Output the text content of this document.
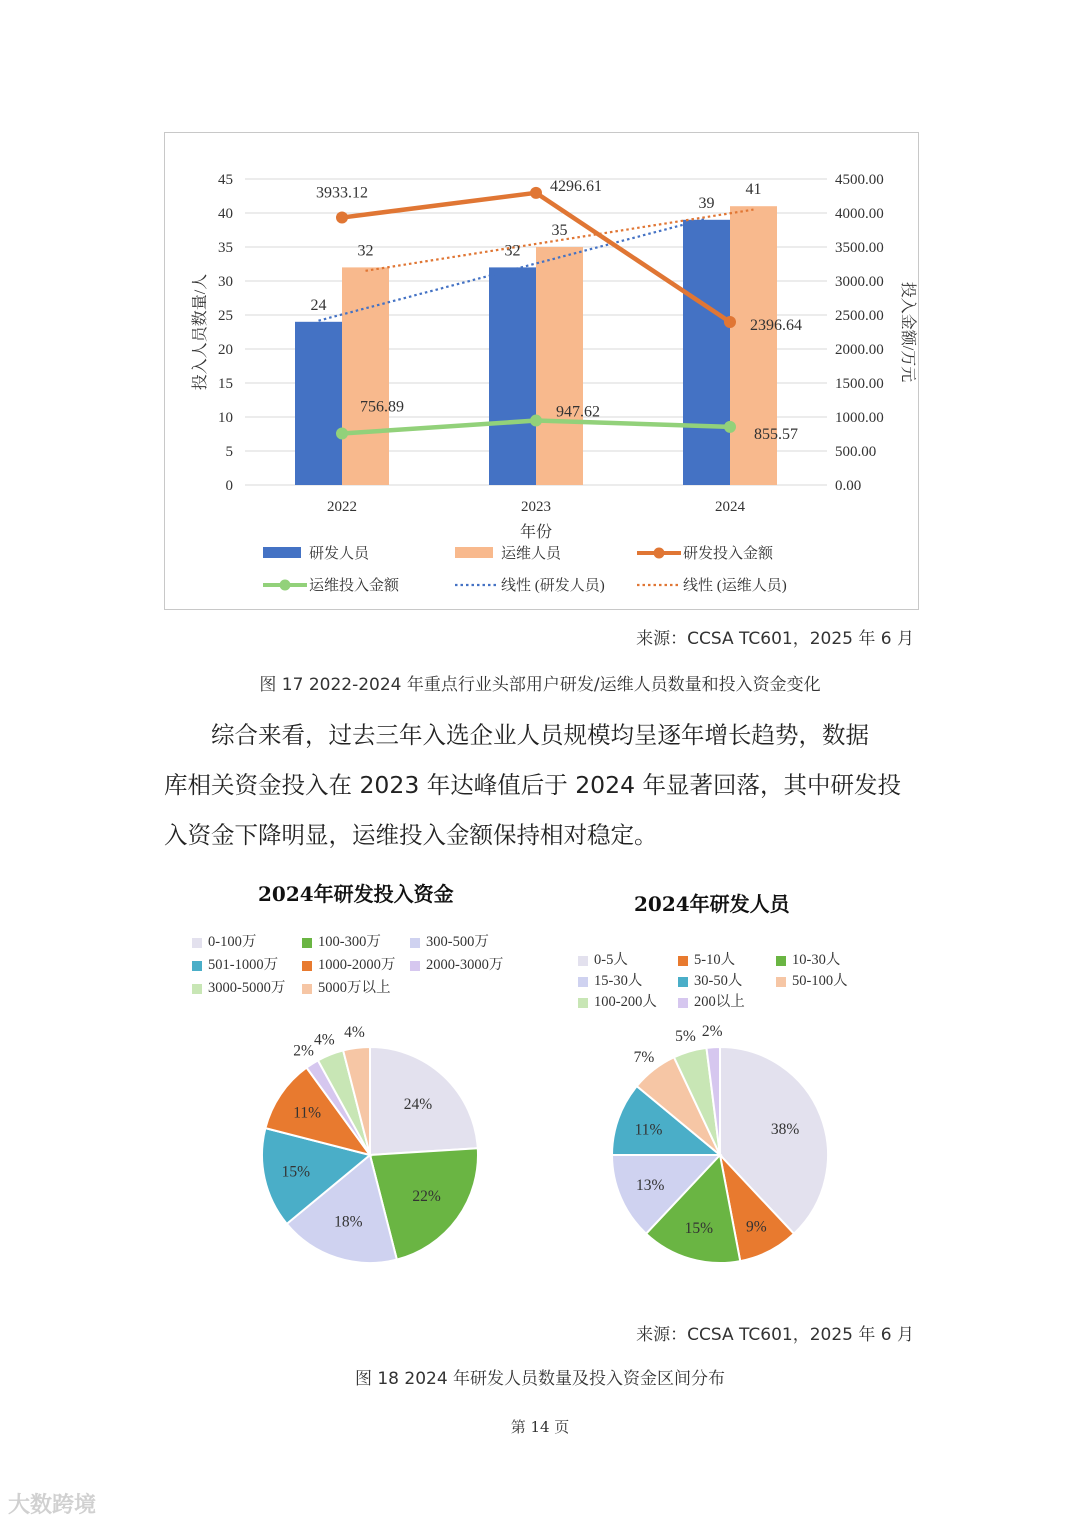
0
5
10
15
20
25
30
35
40
45
0.00
500.00
1000.00
1500.00
2000.00
2500.00
3000.00
3500.00
4000.00
4500.00
投入人员数量/人	投入金额/万元
年份
2022	2023	2024
24
32
39
32
35
41
3933.12	4296.61
2396.64
756.89	947.62
855.57
研发人员	运维人员	研发投入金额
运维投入金额	线性 (研发人员)	线性 (运维人员)
来源：CCSA TC601，2025 年 6 月
图 17 2022-2024 年重点行业头部用户研发/运维人员数量和投入资金变化
综合来看，过去三年入选企业人员规模均呈逐年增长趋势，数据
库相关资金投入在 2023 年达峰值后于 2024 年显著回落，其中研发投
入资金下降明显，运维投入金额保持相对稳定。
2024年研发投入资金
0-100万	100-300万	300-500万
501-1000万	1000-2000万	2000-3000万
3000-5000万	5000万以上
24%
22%
18%
15%
11%
2%
4% 4%
2024年研发人员
0-5人	5-10人	10-30人
15-30人	30-50人	50-100人
100-200人	200以上
38%
9%
15%
13%
11%
7%
5% 2%
来源：CCSA TC601，2025 年 6 月
图 18 2024 年研发人员数量及投入资金区间分布
第 14 页
大数跨境
